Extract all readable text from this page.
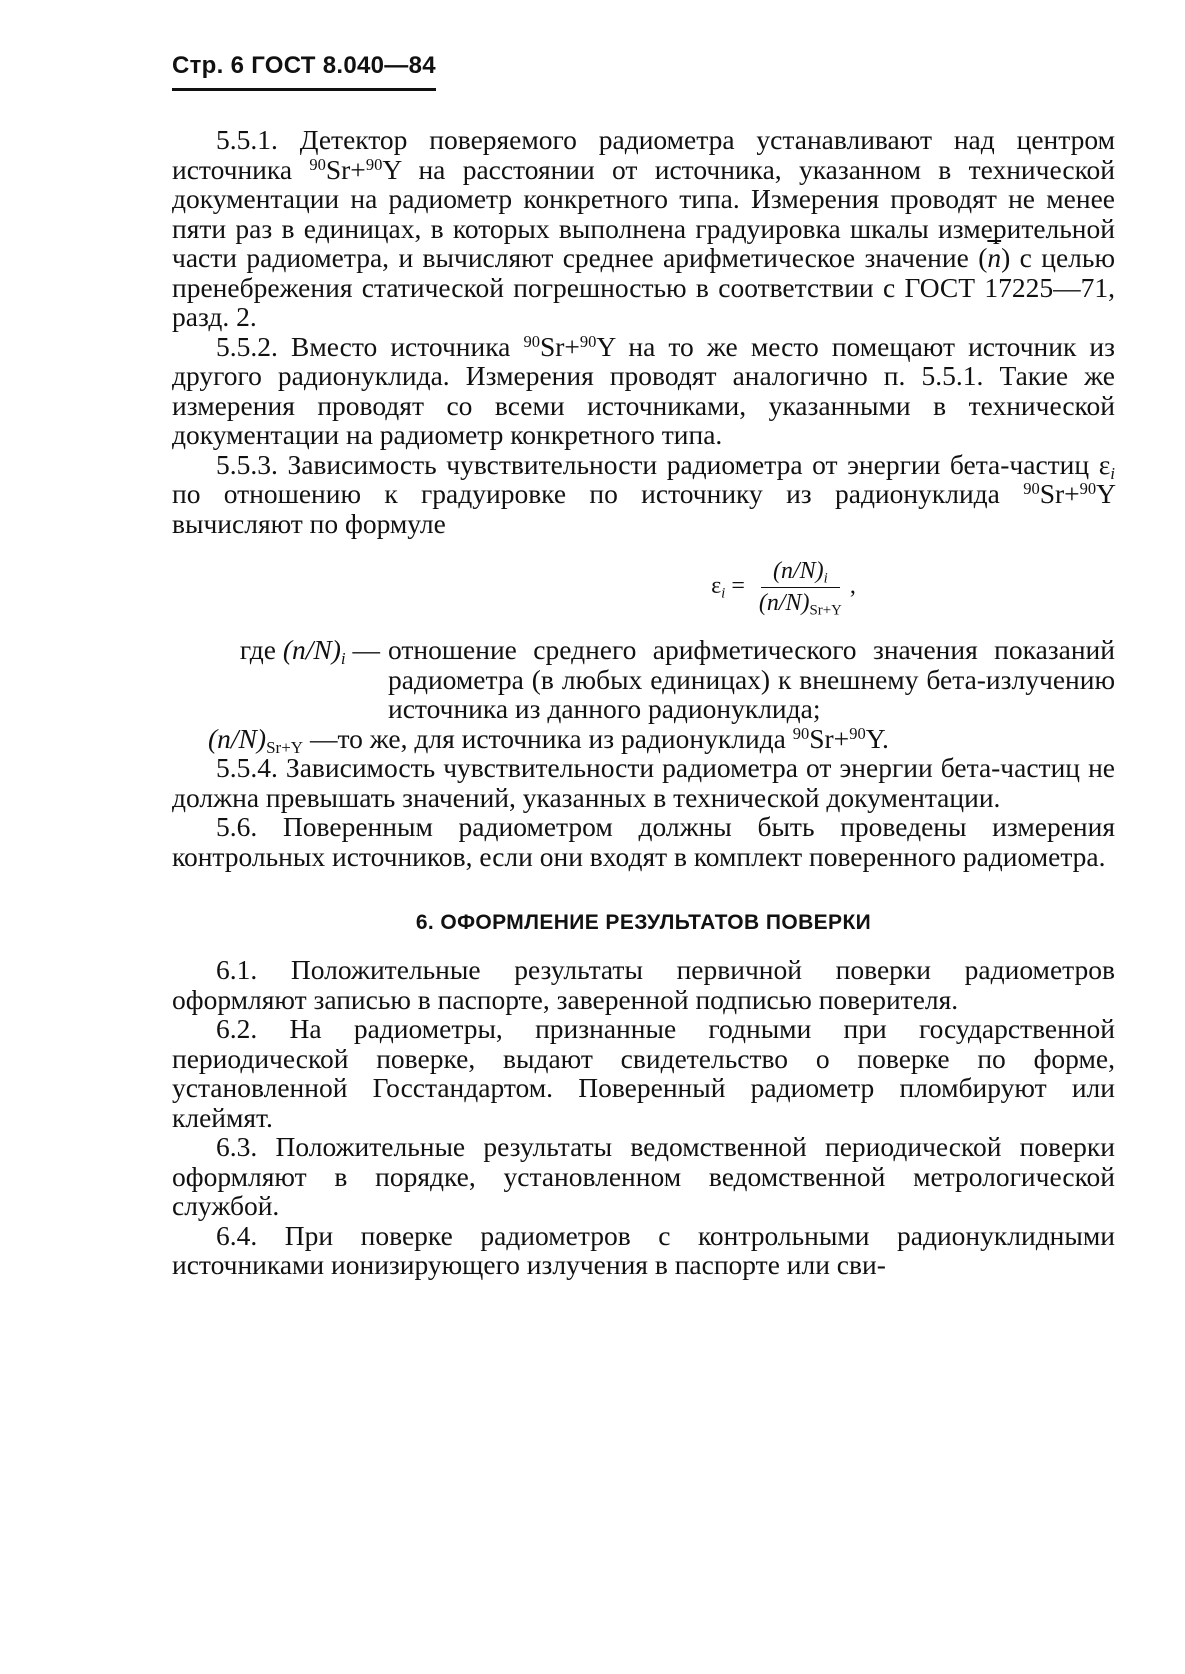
Стр. 6 ГОСТ 8.040—84

5.5.1. Детектор поверяемого радиометра устанавливают над центром источника $^{90}$Sr+$^{90}$Y на расстоянии от источника, указанном в технической документации на радиометр конкретного типа. Измерения проводят не менее пяти раз в единицах, в которых выполнена градуировка шкалы измерительной части радиометра, и вычисляют среднее арифметическое значение $(\overline{n})$ с целью пренебрежения статической погрешностью в соответствии с ГОСТ 17225—71, разд. 2.

5.5.2. Вместо источника $^{90}$Sr+$^{90}$Y на то же место помещают источник из другого радионуклида. Измерения проводят аналогично п. 5.5.1. Такие же измерения проводят со всеми источниками, указанными в технической документации на радиометр конкретного типа.

5.5.3. Зависимость чувствительности радиометра от энергии бета-частиц $\varepsilon_i$ по отношению к градуировке по источнику из радионуклида $^{90}$Sr+$^{90}$Y вычисляют по формуле

$\varepsilon_i = \frac{(n/N)_i}{(n/N)_{Sr+Y}}$ ,
где $(n/N)_i$ — отношение среднего арифметического значения показаний радиометра (в любых единицах) к внешнему бета-излучению источника из данного радионуклида;
$(n/N)_{Sr+Y}$ — то же, для источника из радионуклида $^{90}$Sr+$^{90}$Y.

5.5.4. Зависимость чувствительности радиометра от энергии бета-частиц не должна превышать значений, указанных в технической документации.

5.6. Поверенным радиометром должны быть проведены измерения контрольных источников, если они входят в комплект поверенного радиометра.

6. ОФОРМЛЕНИЕ РЕЗУЛЬТАТОВ ПОВЕРКИ

6.1. Положительные результаты первичной поверки радиометров оформляют записью в паспорте, заверенной подписью поверителя.

6.2. На радиометры, признанные годными при государственной периодической поверке, выдают свидетельство о поверке по форме, установленной Госстандартом. Поверенный радиометр пломбируют или клеймят.

6.3. Положительные результаты ведомственной периодической поверки оформляют в порядке, установленном ведомственной метрологической службой.

6.4. При поверке радиометров с контрольными радионуклидными источниками ионизирующего излучения в паспорте или сви-
